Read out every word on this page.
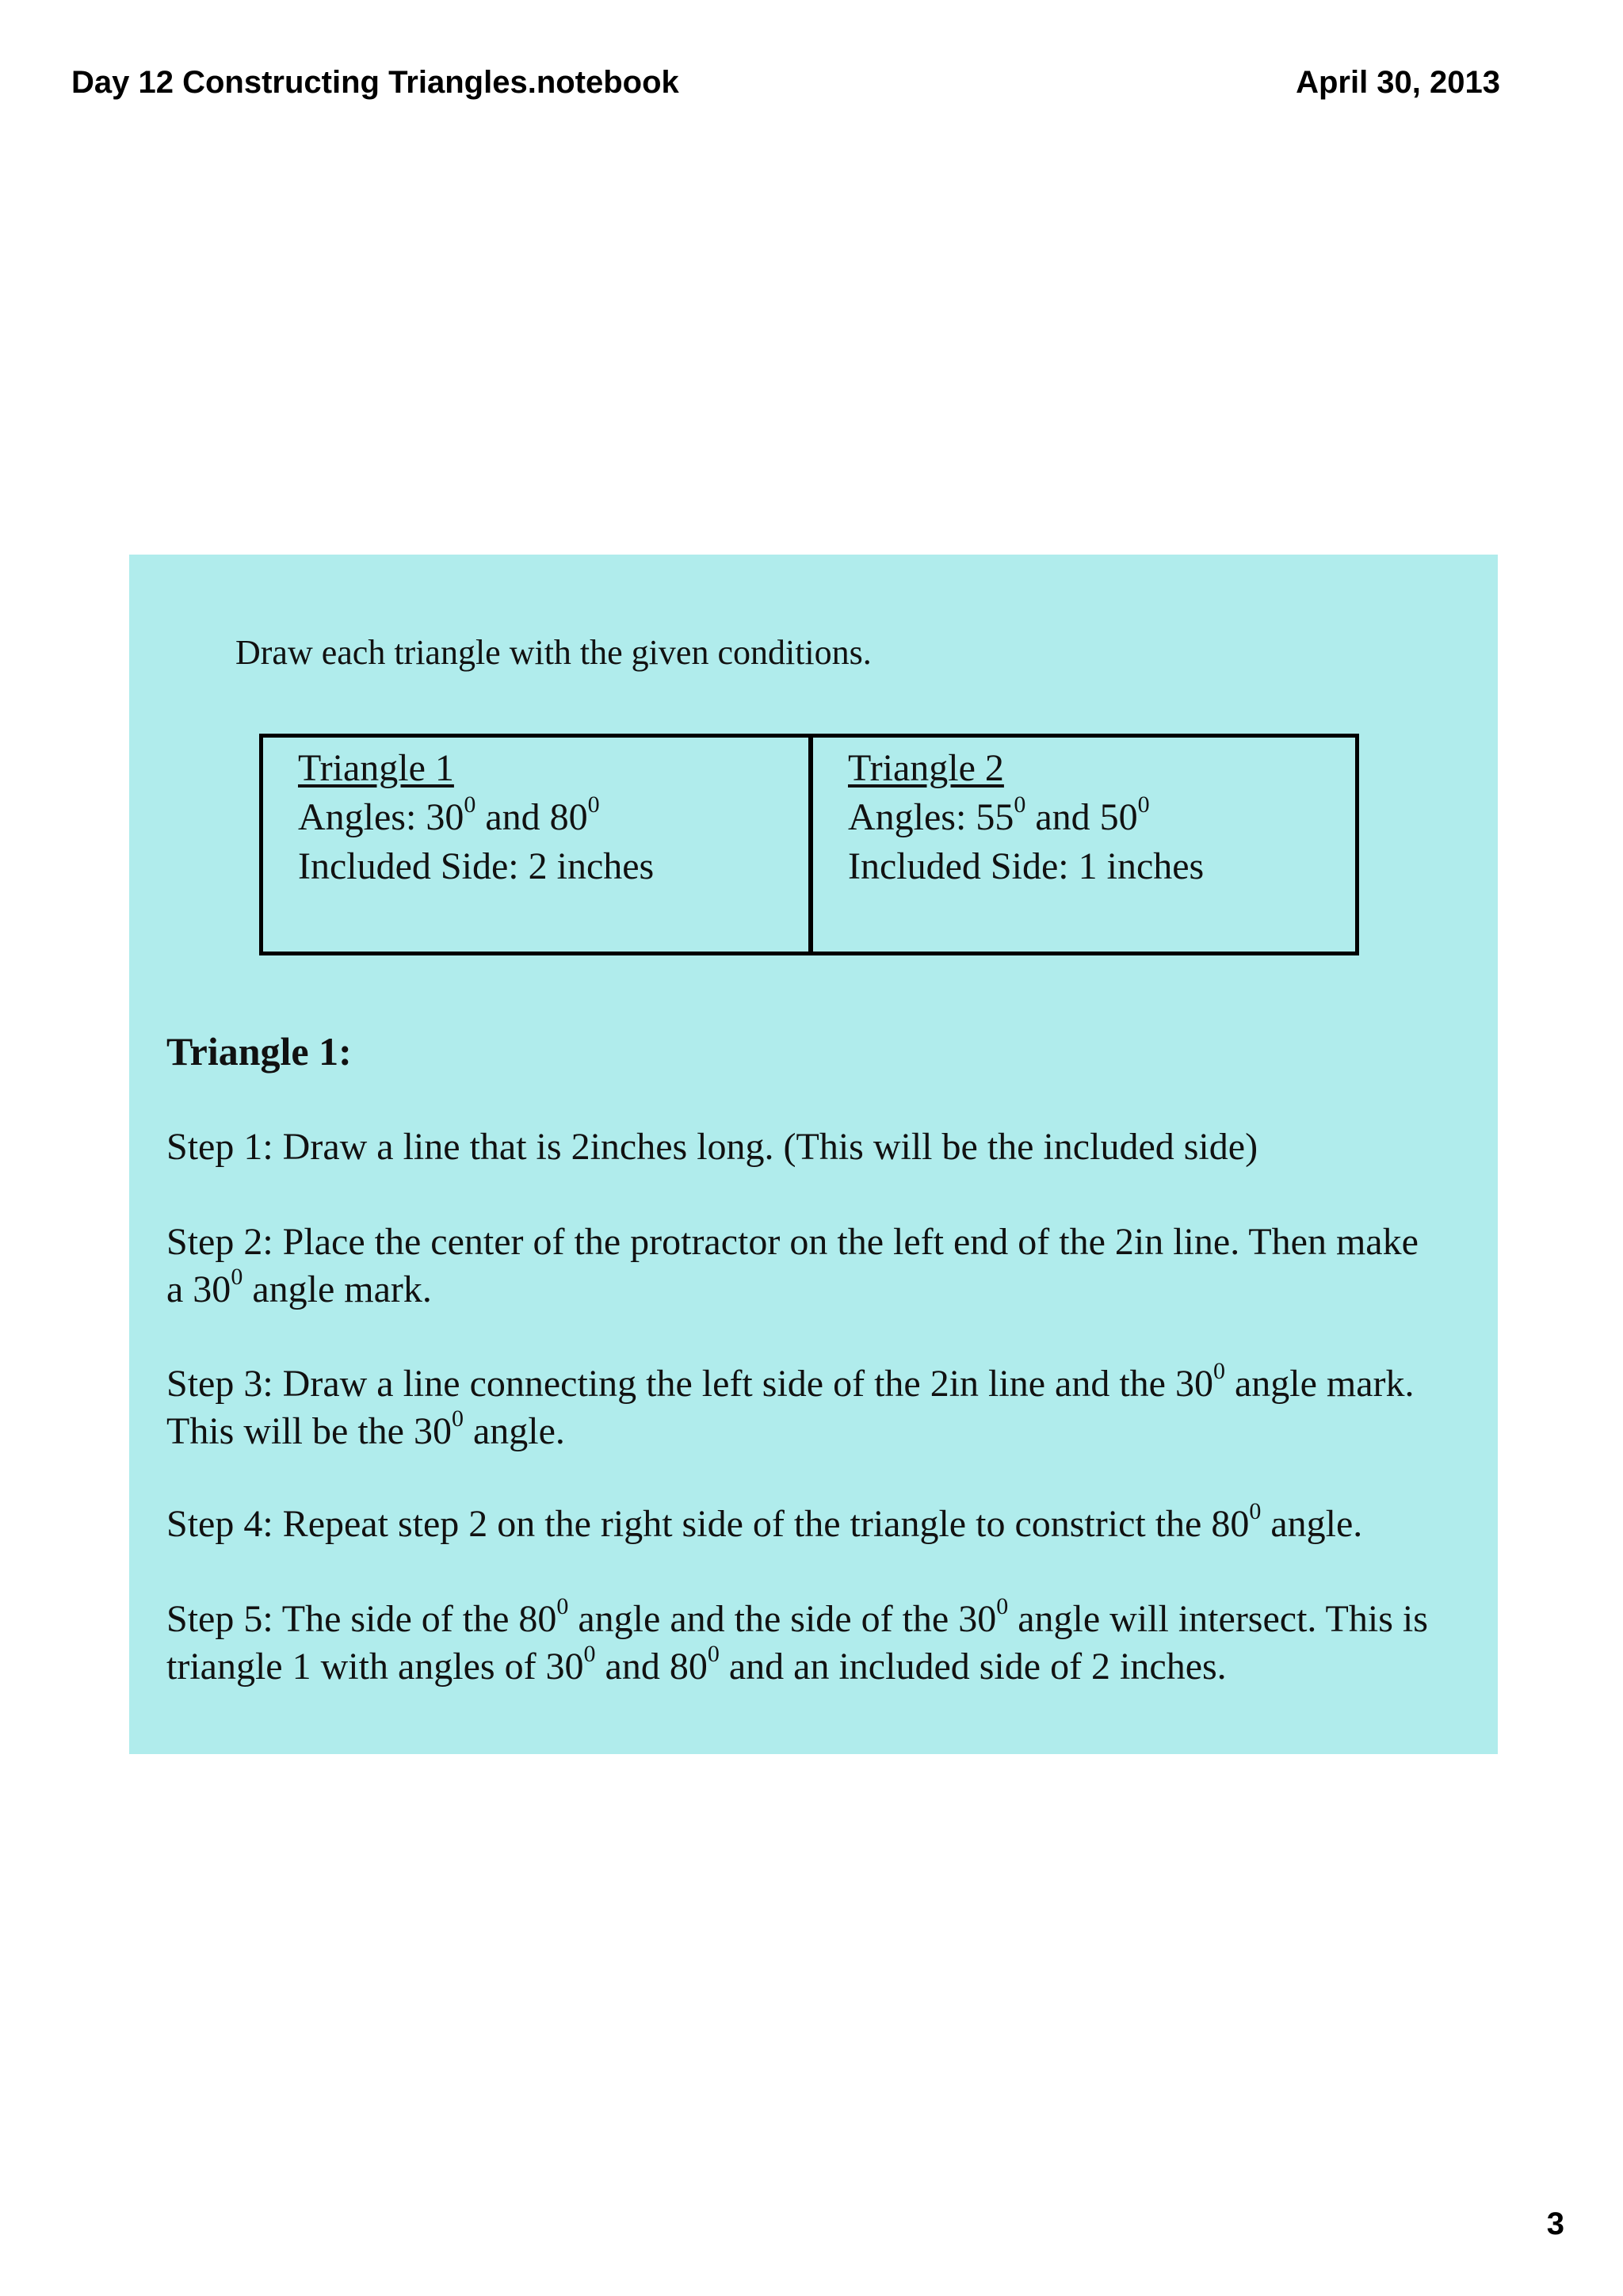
Day 12 Constructing Triangles.notebook	April 30, 2013
Draw each triangle with the given conditions.
Triangle 1
Angles: $30^0$ and $80^0$
Included Side: 2 inches
Triangle 2
Angles: $55^0$ and $50^0$
Included Side: 1 inches
Triangle 1:
Step 1: Draw a line that is 2inches long. (This will be the included side)
Step 2: Place the center of the protractor on the left end of the 2in line. Then make
a $30^0$ angle mark.
Step 3: Draw a line connecting the left side of the 2in line and the $30^0$ angle mark.
This will be the $30^0$ angle.
Step 4: Repeat step 2 on the right side of the triangle to constrict the $80^0$ angle.
Step 5: The side of the $80^0$ angle and the side of the $30^0$ angle will intersect. This is
triangle 1 with angles of $30^0$ and $80^0$ and an included side of 2 inches.
3
